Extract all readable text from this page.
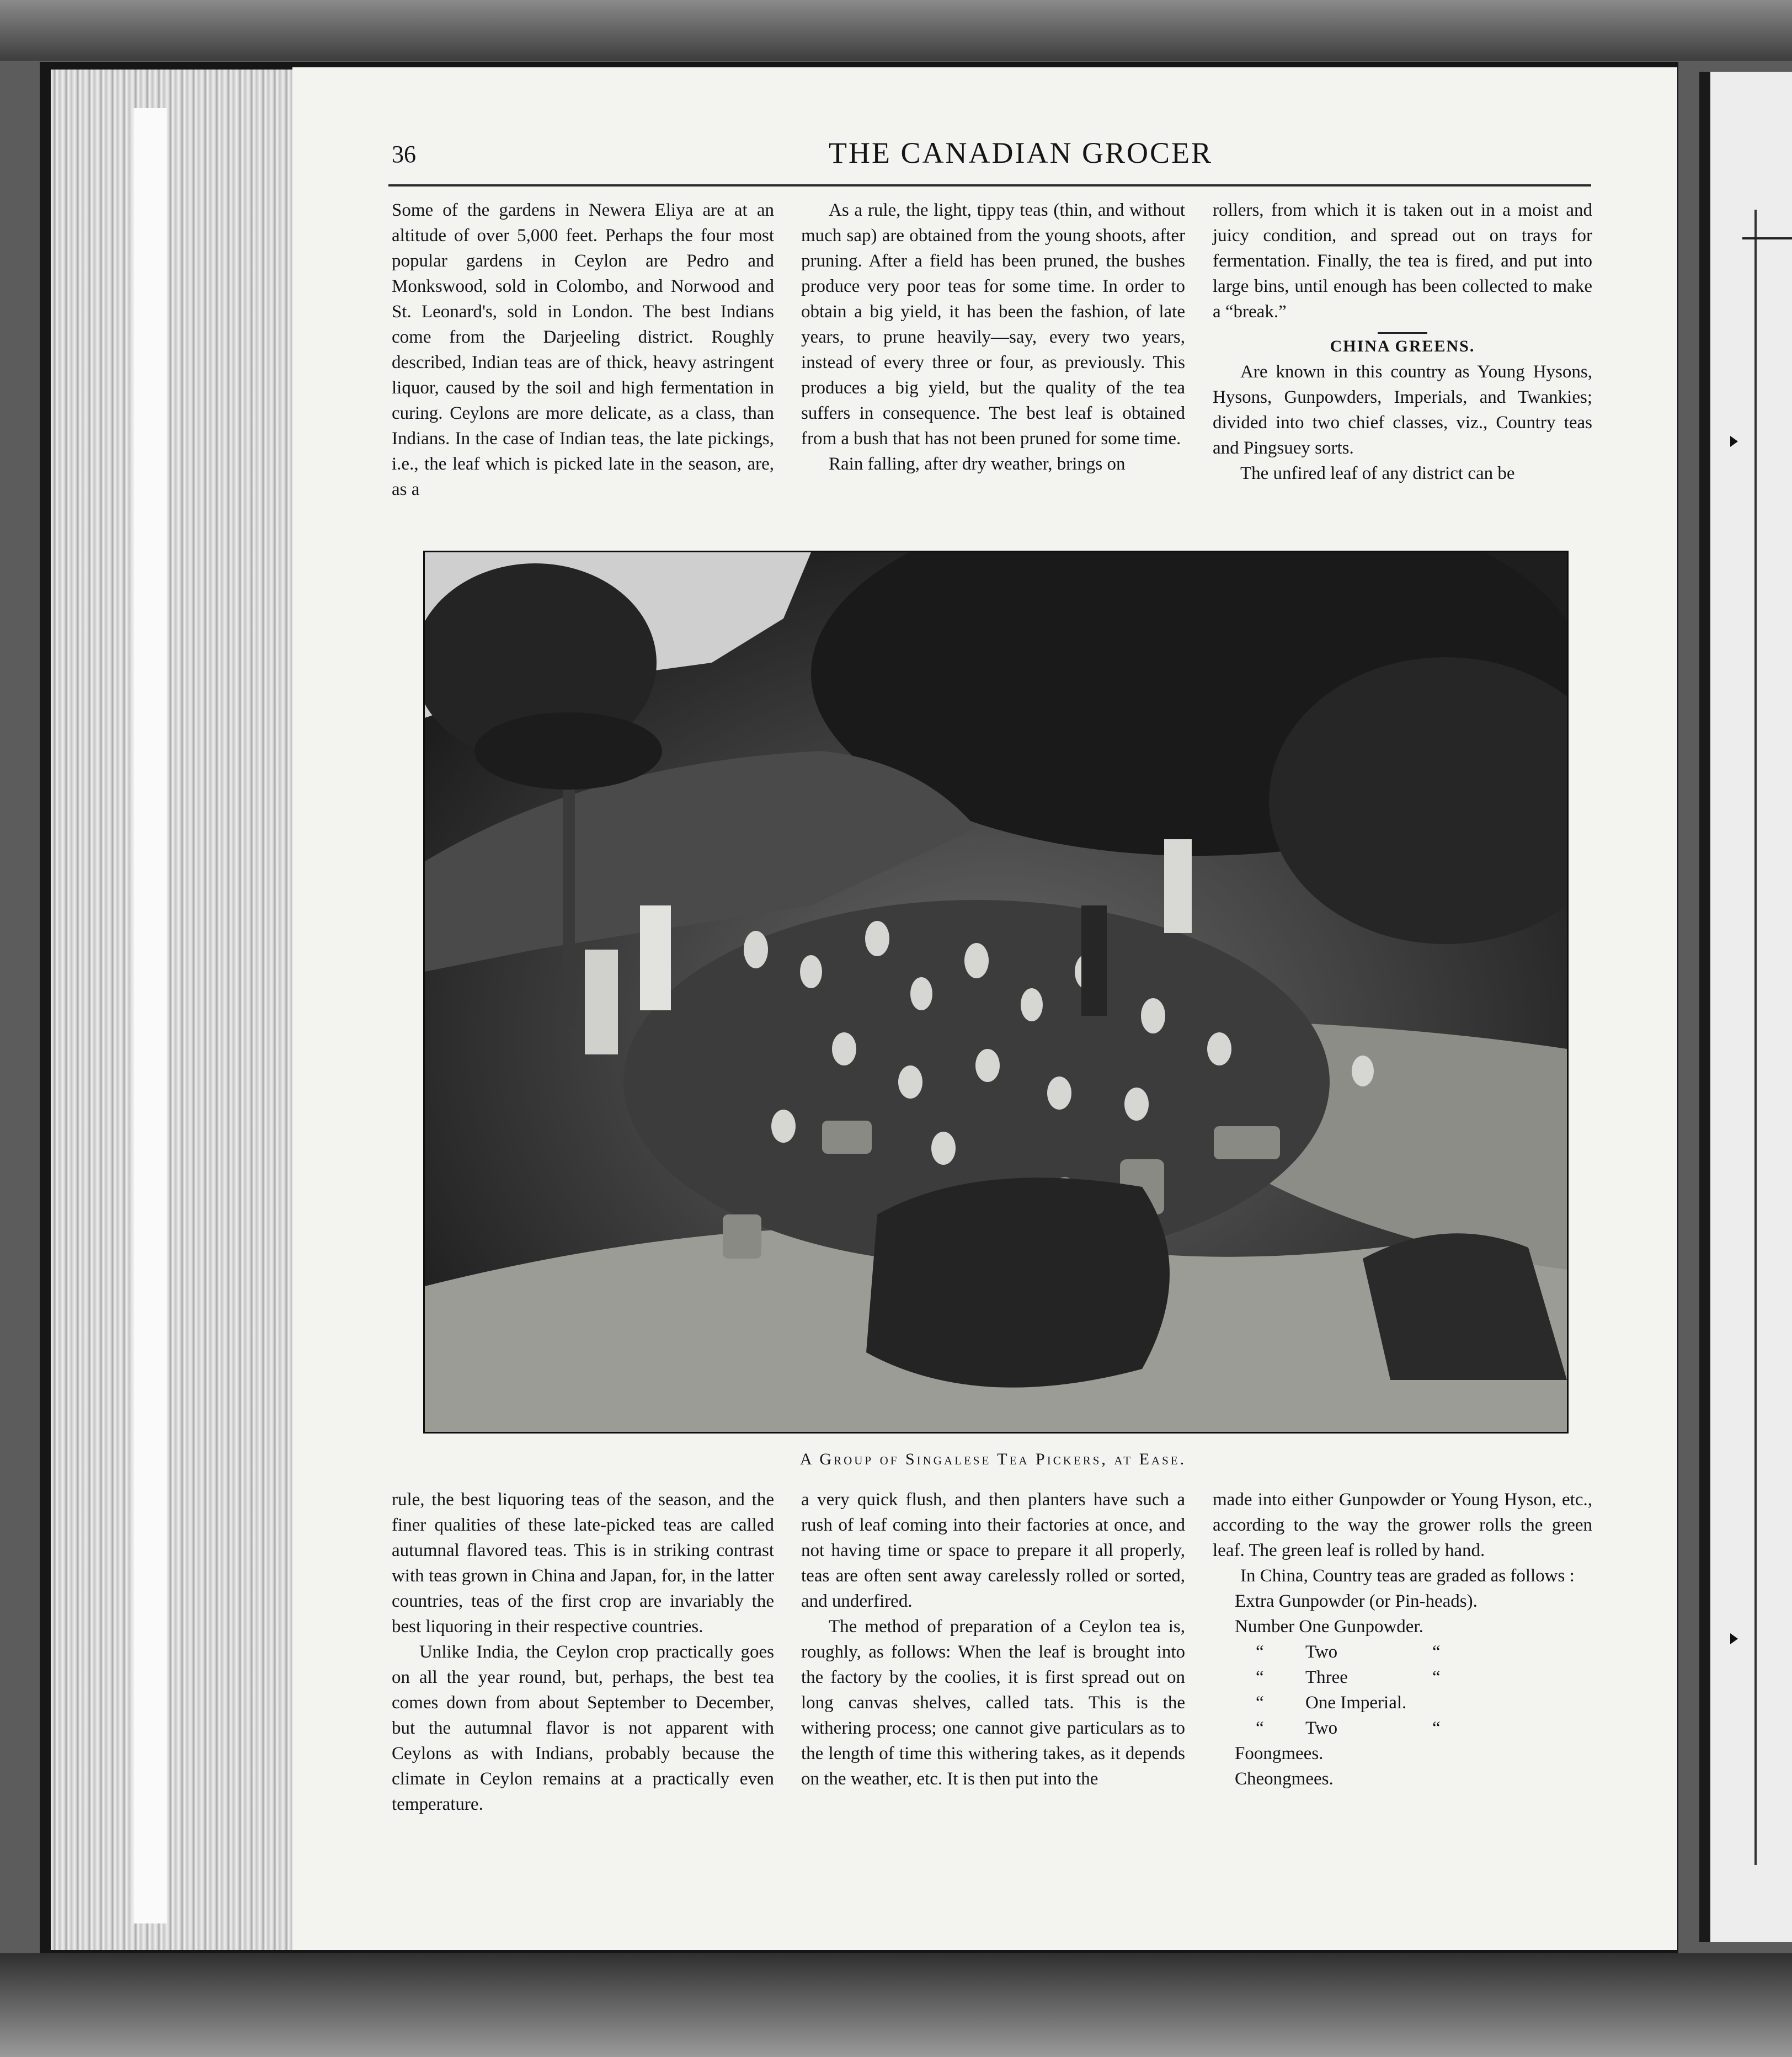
36	THE CANADIAN GROCER

Some of the gardens in Newera Eliya are at an altitude of over 5,000 feet. Perhaps the four most popular gardens in Ceylon are Pedro and Monkswood, sold in Colombo, and Norwood and St. Leonard's, sold in London. The best Indians come from the Darjeeling district. Roughly described, Indian teas are of thick, heavy astringent liquor, caused by the soil and high fermentation in curing. Ceylons are more delicate, as a class, than Indians. In the case of Indian teas, the late pickings, i.e., the leaf which is picked late in the season, are, as a

As a rule, the light, tippy teas (thin, and without much sap) are obtained from the young shoots, after pruning. After a field has been pruned, the bushes produce very poor teas for some time. In order to obtain a big yield, it has been the fashion, of late years, to prune heavily—say, every two years, instead of every three or four, as previously. This produces a big yield, but the quality of the tea suffers in consequence. The best leaf is obtained from a bush that has not been pruned for some time.

Rain falling, after dry weather, brings on

rollers, from which it is taken out in a moist and juicy condition, and spread out on trays for fermentation. Finally, the tea is fired, and put into large bins, until enough has been collected to make a “break.”

CHINA GREENS.

Are known in this country as Young Hysons, Hysons, Gunpowders, Imperials, and Twankies; divided into two chief classes, viz., Country teas and Pingsuey sorts.

The unfired leaf of any district can be

A Group of Singalese Tea Pickers, at Ease.

rule, the best liquoring teas of the season, and the finer qualities of these late-picked teas are called autumnal flavored teas. This is in striking contrast with teas grown in China and Japan, for, in the latter countries, teas of the first crop are invariably the best liquoring in their respective countries.

Unlike India, the Ceylon crop practically goes on all the year round, but, perhaps, the best tea comes down from about September to December, but the autumnal flavor is not apparent with Ceylons as with Indians, probably because the climate in Ceylon remains at a practically even temperature.

a very quick flush, and then planters have such a rush of leaf coming into their factories at once, and not having time or space to prepare it all properly, teas are often sent away carelessly rolled or sorted, and underfired.

The method of preparation of a Ceylon tea is, roughly, as follows: When the leaf is brought into the factory by the coolies, it is first spread out on long canvas shelves, called tats. This is the withering process; one cannot give particulars as to the length of time this withering takes, as it depends on the weather, etc. It is then put into the

made into either Gunpowder or Young Hyson, etc., according to the way the grower rolls the green leaf. The green leaf is rolled by hand.

In China, Country teas are graded as follows :

Extra Gunpowder (or Pin-heads).

Number One Gunpowder.

“ Two	“

“ Three	“

“ One Imperial.

“ Two	“

Foongmees.

Cheongmees.
